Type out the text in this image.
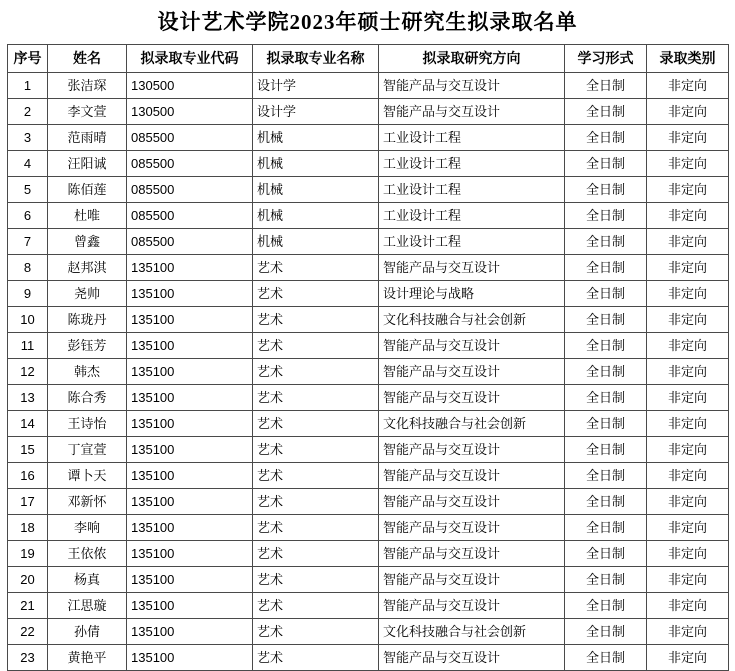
设计艺术学院2023年硕士研究生拟录取名单
序号	姓名	拟录取专业代码	拟录取专业名称	拟录取研究方向	学习形式	录取类别
1	张洁琛	130500	设计学	智能产品与交互设计	全日制	非定向
2	李文萱	130500	设计学	智能产品与交互设计	全日制	非定向
3	范雨晴	085500	机械	工业设计工程	全日制	非定向
4	汪阳诚	085500	机械	工业设计工程	全日制	非定向
5	陈佰莲	085500	机械	工业设计工程	全日制	非定向
6	杜唯	085500	机械	工业设计工程	全日制	非定向
7	曾鑫	085500	机械	工业设计工程	全日制	非定向
8	赵邦淇	135100	艺术	智能产品与交互设计	全日制	非定向
9	尧帅	135100	艺术	设计理论与战略	全日制	非定向
10	陈珑丹	135100	艺术	文化科技融合与社会创新	全日制	非定向
11	彭钰芳	135100	艺术	智能产品与交互设计	全日制	非定向
12	韩杰	135100	艺术	智能产品与交互设计	全日制	非定向
13	陈合秀	135100	艺术	智能产品与交互设计	全日制	非定向
14	王诗怡	135100	艺术	文化科技融合与社会创新	全日制	非定向
15	丁宣萱	135100	艺术	智能产品与交互设计	全日制	非定向
16	谭卜天	135100	艺术	智能产品与交互设计	全日制	非定向
17	邓新怀	135100	艺术	智能产品与交互设计	全日制	非定向
18	李响	135100	艺术	智能产品与交互设计	全日制	非定向
19	王依侬	135100	艺术	智能产品与交互设计	全日制	非定向
20	杨真	135100	艺术	智能产品与交互设计	全日制	非定向
21	江思璇	135100	艺术	智能产品与交互设计	全日制	非定向
22	孙倩	135100	艺术	文化科技融合与社会创新	全日制	非定向
23	黄艳平	135100	艺术	智能产品与交互设计	全日制	非定向
